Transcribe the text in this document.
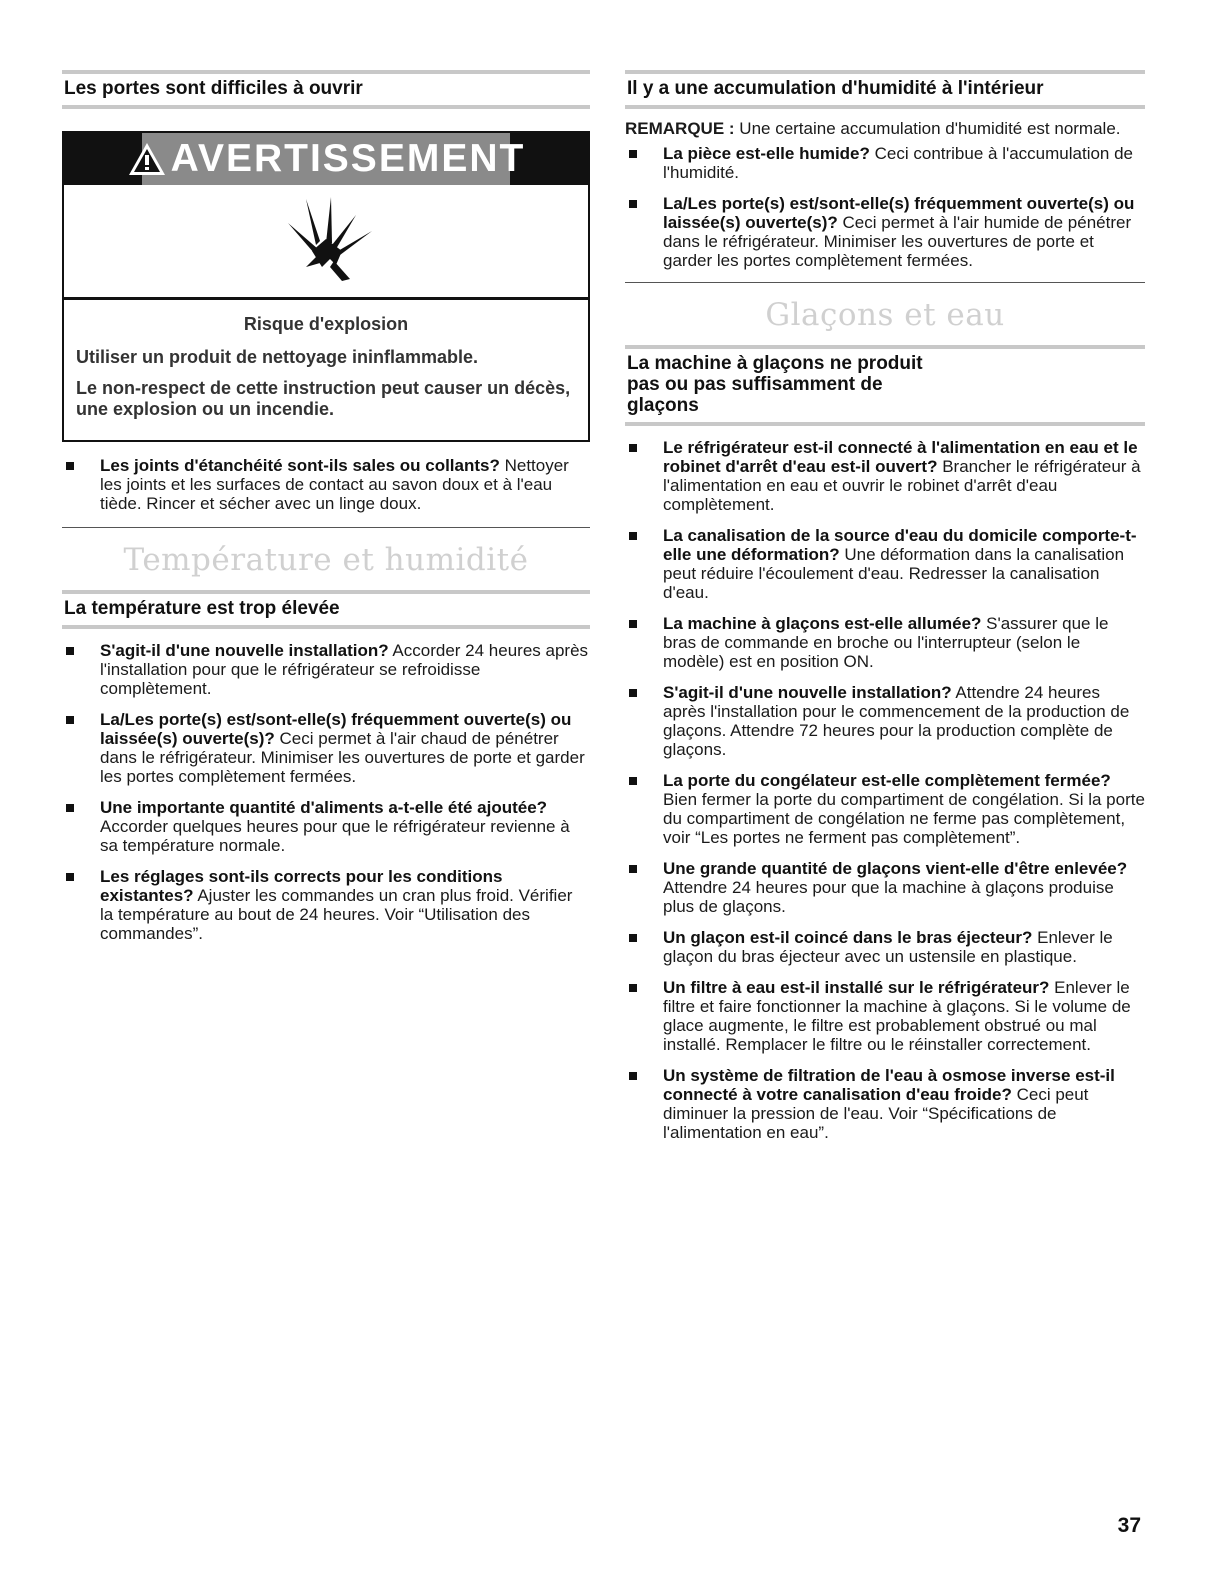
Les portes sont difficiles à ouvrir
AVERTISSEMENT
Risque d'explosion

Utiliser un produit de nettoyage ininflammable.

Le non-respect de cette instruction peut causer un décès, une explosion ou un incendie.

Les joints d'étanchéité sont-ils sales ou collants? Nettoyer les joints et les surfaces de contact au savon doux et à l'eau tiède. Rincer et sécher avec un linge doux.
Température et humidité
La température est trop élevée
S'agit-il d'une nouvelle installation? Accorder 24 heures après l'installation pour que le réfrigérateur se refroidisse complètement.
La/Les porte(s) est/sont-elle(s) fréquemment ouverte(s) ou laissée(s) ouverte(s)? Ceci permet à l'air chaud de pénétrer dans le réfrigérateur. Minimiser les ouvertures de porte et garder les portes complètement fermées.
Une importante quantité d'aliments a-t-elle été ajoutée? Accorder quelques heures pour que le réfrigérateur revienne à sa température normale.
Les réglages sont-ils corrects pour les conditions existantes? Ajuster les commandes un cran plus froid. Vérifier la température au bout de 24 heures. Voir “Utilisation des commandes”.
Il y a une accumulation d'humidité à l'intérieur
REMARQUE : Une certaine accumulation d'humidité est normale.
La pièce est-elle humide? Ceci contribue à l'accumulation de l'humidité.
La/Les porte(s) est/sont-elle(s) fréquemment ouverte(s) ou laissée(s) ouverte(s)? Ceci permet à l'air humide de pénétrer dans le réfrigérateur. Minimiser les ouvertures de porte et garder les portes complètement fermées.
Glaçons et eau
La machine à glaçons ne produit pas ou pas suffisamment de glaçons
Le réfrigérateur est-il connecté à l'alimentation en eau et le robinet d'arrêt d'eau est-il ouvert? Brancher le réfrigérateur à l'alimentation en eau et ouvrir le robinet d'arrêt d'eau complètement.
La canalisation de la source d'eau du domicile comporte-t-elle une déformation? Une déformation dans la canalisation peut réduire l'écoulement d'eau. Redresser la canalisation d'eau.
La machine à glaçons est-elle allumée? S'assurer que le bras de commande en broche ou l'interrupteur (selon le modèle) est en position ON.
S'agit-il d'une nouvelle installation? Attendre 24 heures après l'installation pour le commencement de la production de glaçons. Attendre 72 heures pour la production complète de glaçons.
La porte du congélateur est-elle complètement fermée? Bien fermer la porte du compartiment de congélation. Si la porte du compartiment de congélation ne ferme pas complètement, voir “Les portes ne ferment pas complètement”.
Une grande quantité de glaçons vient-elle d'être enlevée? Attendre 24 heures pour que la machine à glaçons produise plus de glaçons.
Un glaçon est-il coincé dans le bras éjecteur? Enlever le glaçon du bras éjecteur avec un ustensile en plastique.
Un filtre à eau est-il installé sur le réfrigérateur? Enlever le filtre et faire fonctionner la machine à glaçons. Si le volume de glace augmente, le filtre est probablement obstrué ou mal installé. Remplacer le filtre ou le réinstaller correctement.
Un système de filtration de l'eau à osmose inverse est-il connecté à votre canalisation d'eau froide? Ceci peut diminuer la pression de l'eau. Voir “Spécifications de l'alimentation en eau”.
37
